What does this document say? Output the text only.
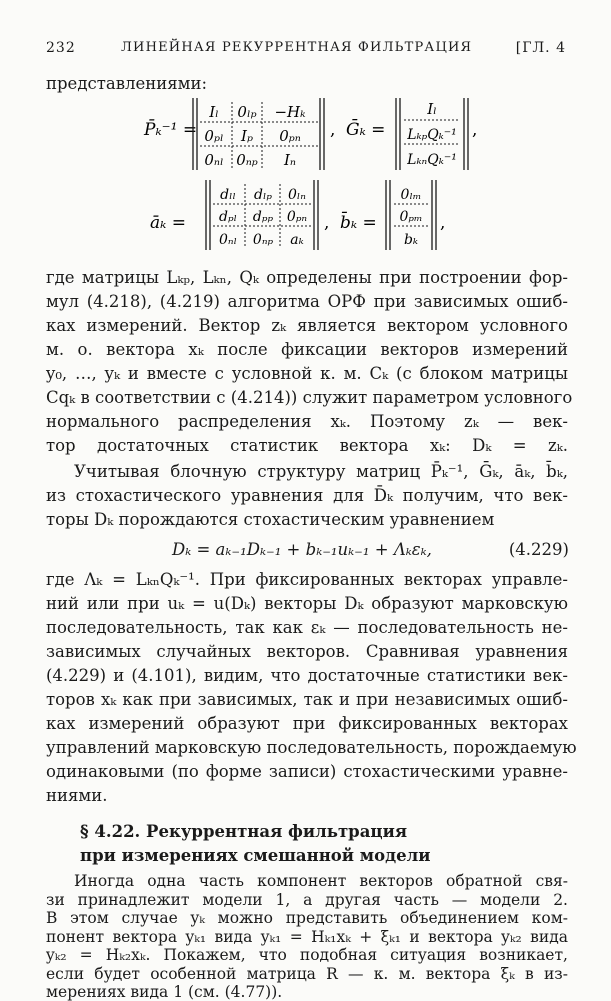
232	ЛИНЕЙНАЯ РЕКУРРЕНТНАЯ ФИЛЬТРАЦИЯ	[ГЛ. 4
представлениями:
P̄ₖ⁻¹ =
Iₗ 0ₗₚ −Hₖ
0ₚₗ Iₚ 0ₚₙ
0ₙₗ 0ₙₚ Iₙ
, Ḡₖ =
Iₗ
LₖₚQₖ⁻¹
LₖₙQₖ⁻¹
,
āₖ =
dₗₗ dₗₚ 0ₗₙ
dₚₗ dₚₚ 0ₚₙ
0ₙₗ 0ₙₚ aₖ
, b̄ₖ =
0ₗₘ
0ₚₘ
bₖ
,
где матрицы Lₖₚ, Lₖₙ, Qₖ определены при построении фор-
мул (4.218), (4.219) алгоритма ОРФ при зависимых ошиб-
ках измерений. Вектор zₖ является вектором условного
м. о. вектора xₖ после фиксации векторов измерений
y₀, …, yₖ и вместе с условной к. м. Cₖ (с блоком матрицы
Cqₖ в соответствии с (4.214)) служит параметром условного
нормального распределения xₖ. Поэтому zₖ — век-
тор достаточных статистик вектора xₖ: Dₖ = zₖ.
Учитывая блочную структуру матриц P̄ₖ⁻¹, Ḡₖ, āₖ, b̄ₖ,
из стохастического уравнения для D̄ₖ получим, что век-
торы Dₖ порождаются стохастическим уравнением
Dₖ = aₖ₋₁Dₖ₋₁ + bₖ₋₁uₖ₋₁ + Λₖεₖ,	(4.229)
где Λₖ = LₖₙQₖ⁻¹. При фиксированных векторах управле-
ний или при uₖ = u(Dₖ) векторы Dₖ образуют марковскую
последовательность, так как εₖ — последовательность не-
зависимых случайных векторов. Сравнивая уравнения
(4.229) и (4.101), видим, что достаточные статистики век-
торов xₖ как при зависимых, так и при независимых ошиб-
ках измерений образуют при фиксированных векторах
управлений марковскую последовательность, порождаемую
одинаковыми (по форме записи) стохастическими уравне-
ниями.
§ 4.22. Рекуррентная фильтрация
при измерениях смешанной модели
Иногда одна часть компонент векторов обратной свя-
зи принадлежит модели 1, а другая часть — модели 2.
В этом случае yₖ можно представить объединением ком-
понент вектора yₖ₁ вида yₖ₁ = Hₖ₁xₖ + ξₖ₁ и вектора yₖ₂ вида
yₖ₂ = Hₖ₂xₖ. Покажем, что подобная ситуация возникает,
если будет особенной матрица R — к. м. вектора ξₖ в из-
мерениях вида 1 (см. (4.77)).
